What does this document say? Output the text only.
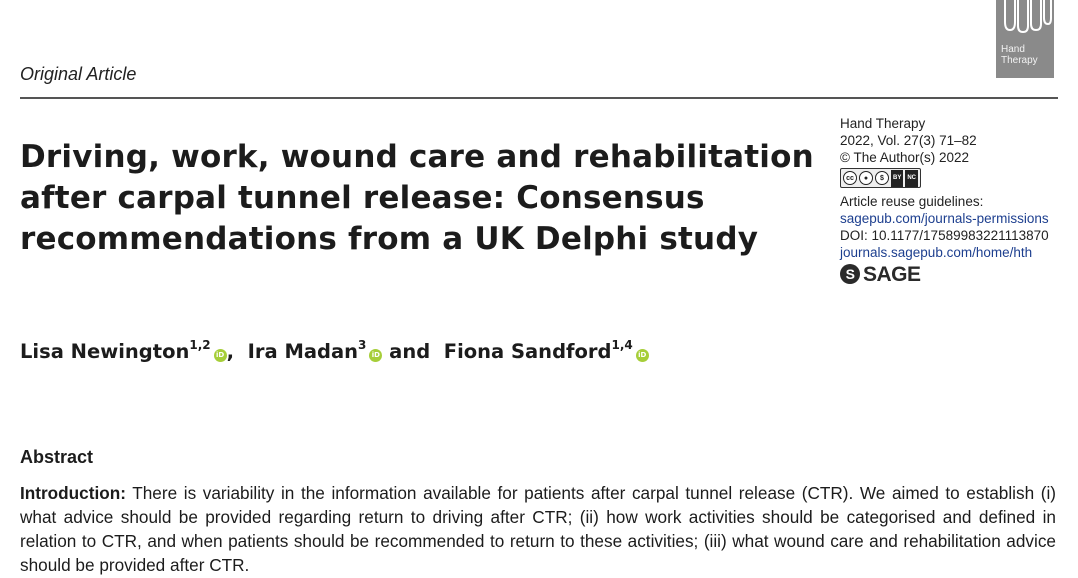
Hand
Therapy
Original Article
Driving, work, wound care and rehabilitation after carpal tunnel release: Consensus recommendations from a UK Delphi study
Hand Therapy
2022, Vol. 27(3) 71–82
© The Author(s) 2022
cc	●	$	BY	NC
Article reuse guidelines:
sagepub.com/journals-permissions
DOI: 10.1177/17589983221113870
journals.sagepub.com/home/hth
S SAGE
Lisa Newington$^{1,2}$iD ,  Ira Madan$^3$iD and  Fiona Sandford$^{1,4}$iD
Abstract

Introduction: There is variability in the information available for patients after carpal tunnel release (CTR). We aimed to establish (i) what advice should be provided regarding return to driving after CTR; (ii) how work activities should be categorised and defined in relation to CTR, and when patients should be recommended to return to these activities; (iii) what wound care and rehabilitation advice should be provided after CTR.
